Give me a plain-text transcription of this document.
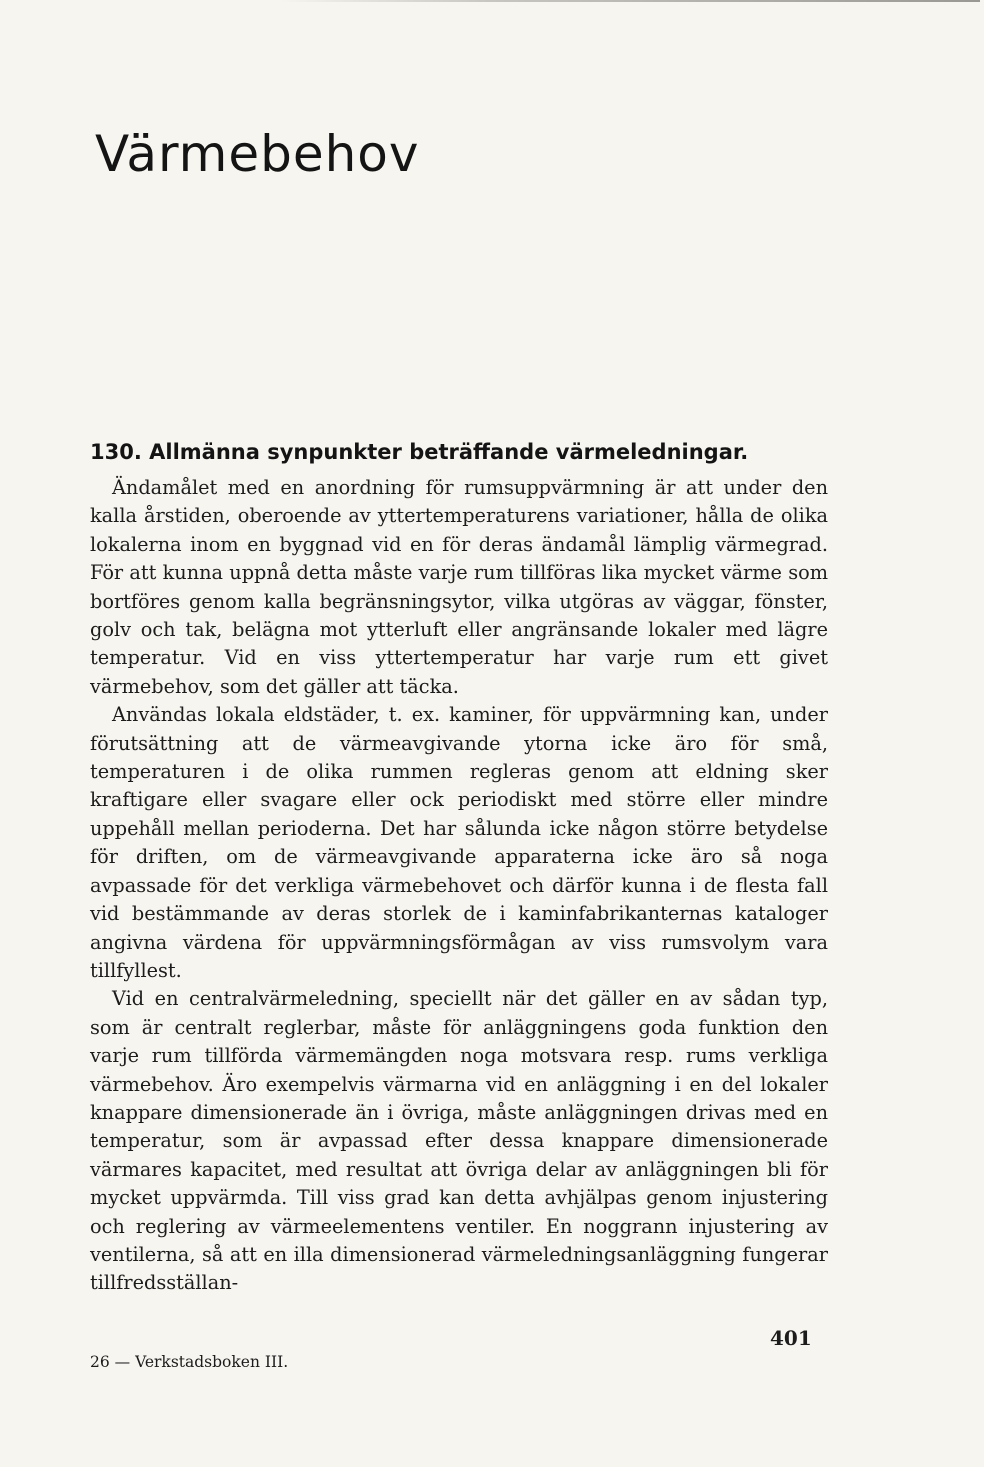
Värmebehov
130. Allmänna synpunkter beträffande värmeledningar.

Ändamålet med en anordning för rumsuppvärmning är att under den kalla årstiden, oberoende av yttertemperaturens variationer, hålla de olika lokalerna inom en byggnad vid en för deras ändamål lämplig värmegrad. För att kunna uppnå detta måste varje rum tillföras lika mycket värme som bortföres genom kalla begränsningsytor, vilka utgöras av väggar, fönster, golv och tak, belägna mot ytterluft eller angränsande lokaler med lägre temperatur. Vid en viss yttertemperatur har varje rum ett givet värmebehov, som det gäller att täcka.

Användas lokala eldstäder, t. ex. kaminer, för uppvärmning kan, under förutsättning att de värmeavgivande ytorna icke äro för små, temperaturen i de olika rummen regleras genom att eldning sker kraftigare eller svagare eller ock periodiskt med större eller mindre uppehåll mellan perioderna. Det har sålunda icke någon större betydelse för driften, om de värmeavgivande apparaterna icke äro så noga avpassade för det verkliga värmebehovet och därför kunna i de flesta fall vid bestämmande av deras storlek de i kaminfabrikanternas kataloger angivna värdena för uppvärmningsförmågan av viss rumsvolym vara tillfyllest.

Vid en centralvärmeledning, speciellt när det gäller en av sådan typ, som är centralt reglerbar, måste för anläggningens goda funktion den varje rum tillförda värmemängden noga motsvara resp. rums verkliga värmebehov. Äro exempelvis värmarna vid en anläggning i en del lokaler knappare dimensionerade än i övriga, måste anläggningen drivas med en temperatur, som är avpassad efter dessa knappare dimensionerade värmares kapacitet, med resultat att övriga delar av anläggningen bli för mycket uppvärmda. Till viss grad kan detta avhjälpas genom injustering och reglering av värmeelementens ventiler. En noggrann injustering av ventilerna, så att en illa dimensionerad värmeledningsanläggning fungerar tillfredsställan-

401
26 — Verkstadsboken III.
